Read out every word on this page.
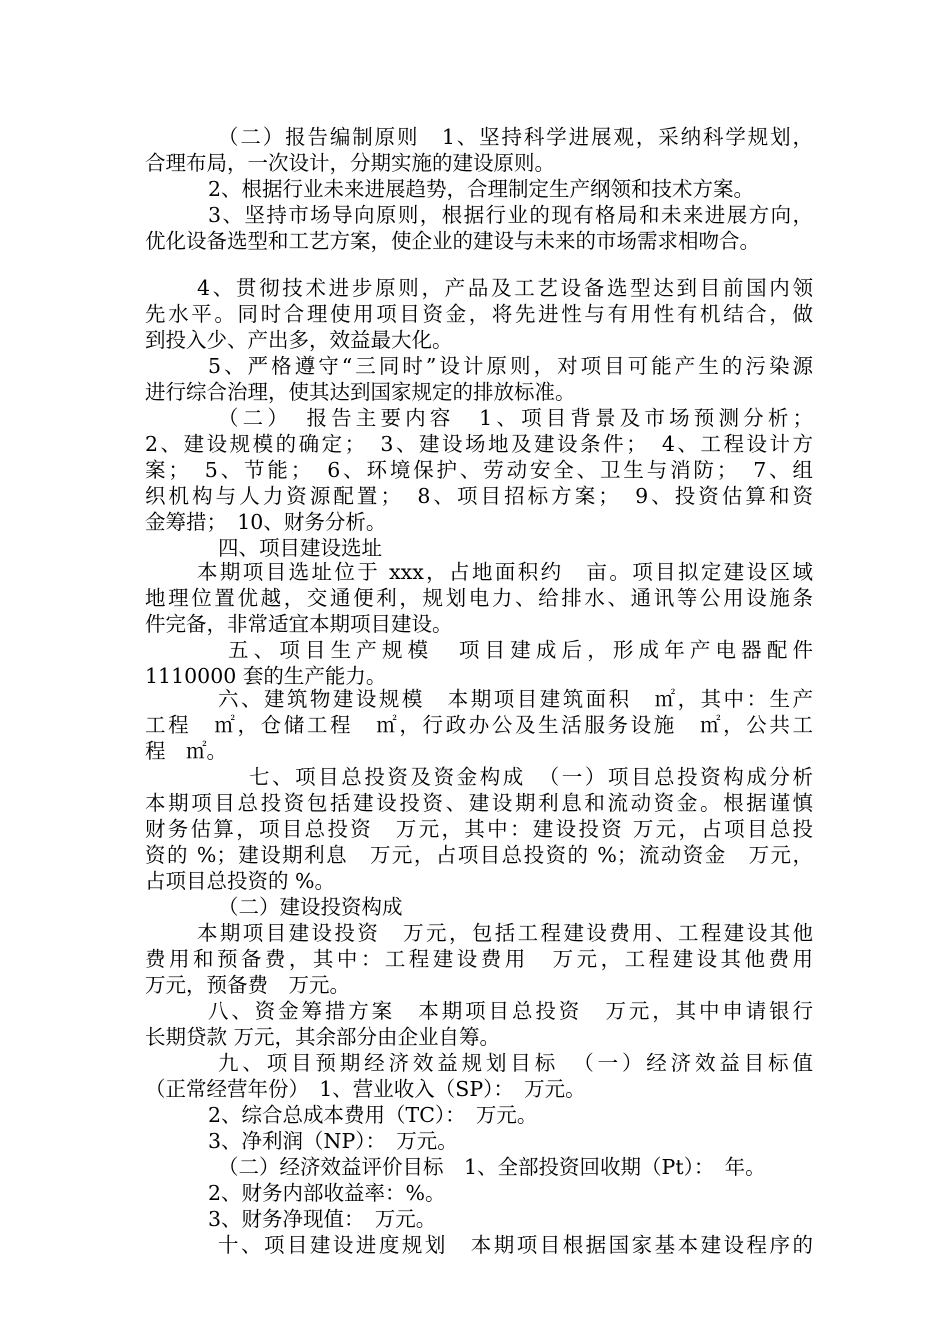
（二）报告编制原则　1、坚持科学进展观，采纳科学规划，
合理布局，一次设计，分期实施的建设原则。
2、根据行业未来进展趋势，合理制定生产纲领和技术方案。
3、坚持市场导向原则，根据行业的现有格局和未来进展方向，
优化设备选型和工艺方案，使企业的建设与未来的市场需求相吻合。
4、贯彻技术进步原则，产品及工艺设备选型达到目前国内领
先水平。同时合理使用项目资金，将先进性与有用性有机结合，做
到投入少、产出多，效益最大化。
5、严格遵守“三同时”设计原则，对项目可能产生的污染源
进行综合治理，使其达到国家规定的排放标准。
（二）　报告主要内容　1、项目背景及市场预测分析；
2、建设规模的确定；　3、建设场地及建设条件；　4、工程设计方
案；　5、节能；　6、环境保护、劳动安全、卫生与消防；　7、组
织机构与人力资源配置；　8、项目招标方案；　9、投资估算和资
金筹措；　10、财务分析。
四、项目建设选址
本期项目选址位于 xxx，占地面积约　亩。项目拟定建设区域
地理位置优越，交通便利，规划电力、给排水、通讯等公用设施条
件完备，非常适宜本期项目建设。
五、项目生产规模　项目建成后，形成年产电器配件
1110000 套的生产能力。
六、建筑物建设规模　本期项目建筑面积　㎡，其中：生产
工程　㎡，仓储工程　㎡，行政办公及生活服务设施　㎡，公共工
程　㎡。
七、项目总投资及资金构成　（一）项目总投资构成分析
本期项目总投资包括建设投资、建设期利息和流动资金。根据谨慎
财务估算，项目总投资　万元，其中：建设投资 万元，占项目总投
资的 %；建设期利息　万元，占项目总投资的 %；流动资金　万元，
占项目总投资的 %。
（二）建设投资构成
本期项目建设投资　万元，包括工程建设费用、工程建设其他
费用和预备费，其中：工程建设费用　万元，工程建设其他费用
万元，预备费　万元。
八、资金筹措方案　本期项目总投资　万元，其中申请银行
长期贷款 万元，其余部分由企业自筹。
九、项目预期经济效益规划目标　（一）经济效益目标值
（正常经营年份）　1、营业收入（SP）：　万元。
2、综合总成本费用（TC）：　万元。
3、净利润（NP）：　万元。
（二）经济效益评价目标　1、全部投资回收期（Pt）：　年。
2、财务内部收益率：%。
3、财务净现值：　万元。
十、项目建设进度规划　本期项目根据国家基本建设程序的
